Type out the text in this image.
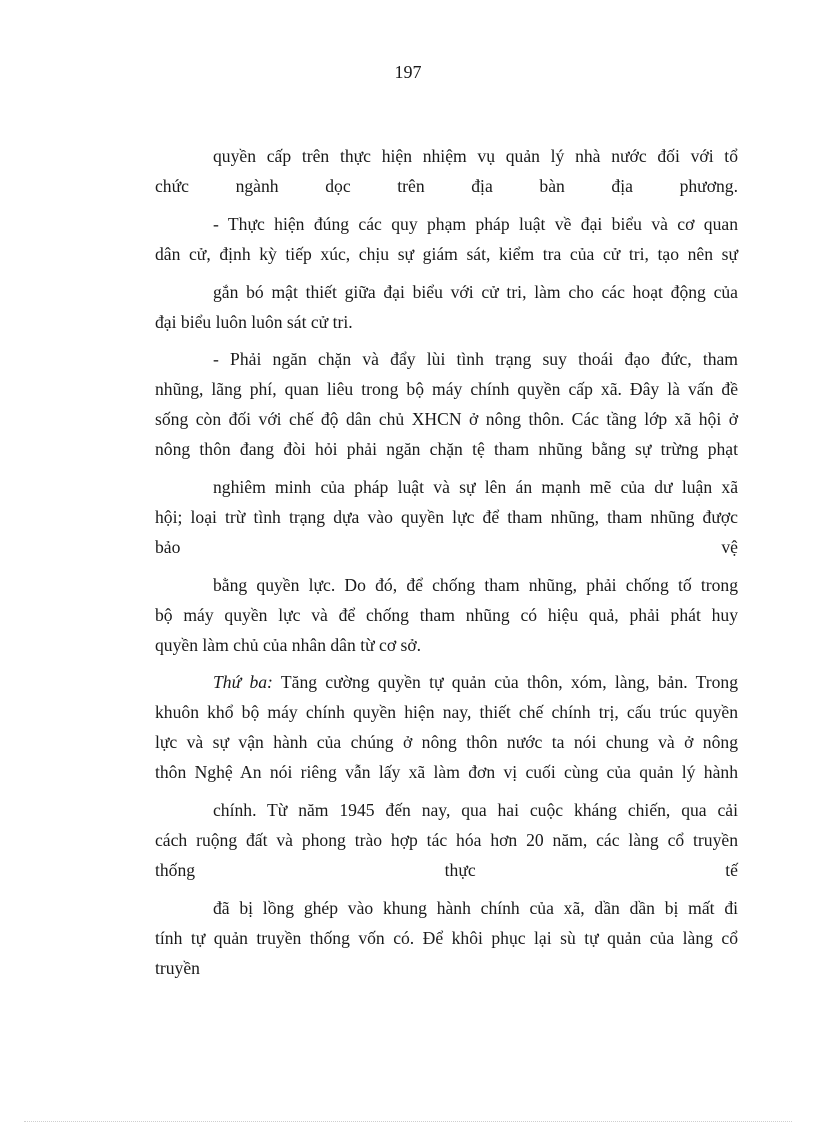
197
quyền cấp trên thực hiện nhiệm vụ quản lý nhà nước đối với tổ
chức ngành dọc trên địa bàn địa phương.
- Thực hiện đúng các quy phạm pháp luật về đại biểu và cơ quan
dân cử, định kỳ tiếp xúc, chịu sự giám sát, kiểm tra của cử tri, tạo nên sự
gắn bó mật thiết giữa đại biểu với cử tri, làm cho các hoạt động của
đại biểu luôn luôn sát cử tri.
- Phải ngăn chặn và đẩy lùi tình trạng suy thoái đạo đức, tham
nhũng, lãng phí, quan liêu trong bộ máy chính quyền cấp xã. Đây là vấn đề
sống còn đối với chế độ dân chủ XHCN ở nông thôn. Các tầng lớp xã hội ở
nông thôn đang đòi hỏi phải ngăn chặn tệ tham nhũng bằng sự trừng phạt
nghiêm minh của pháp luật và sự lên án mạnh mẽ của dư luận xã
hội; loại trừ tình trạng dựa vào quyền lực để tham nhũng, tham nhũng được
bảo vệ
bằng quyền lực. Do đó, để chống tham nhũng, phải chống tố trong
bộ máy quyền lực và để chống tham nhũng có hiệu quả, phải phát huy
quyền làm chủ của nhân dân từ cơ sở.
Thứ ba: Tăng cường quyền tự quản của thôn, xóm, làng, bản. Trong
khuôn khổ bộ máy chính quyền hiện nay, thiết chế chính trị, cấu trúc quyền
lực và sự vận hành của chúng ở nông thôn nước ta nói chung và ở nông
thôn Nghệ An nói riêng vẫn lấy xã làm đơn vị cuối cùng của quản lý hành
chính. Từ năm 1945 đến nay, qua hai cuộc kháng chiến, qua cải
cách ruộng đất và phong trào hợp tác hóa hơn 20 năm, các làng cổ truyền
thống thực tế
đã bị lồng ghép vào khung hành chính của xã, dần dần bị mất đi
tính tự quản truyền thống vốn có. Để khôi phục lại sù tự quản của làng cổ
truyền
